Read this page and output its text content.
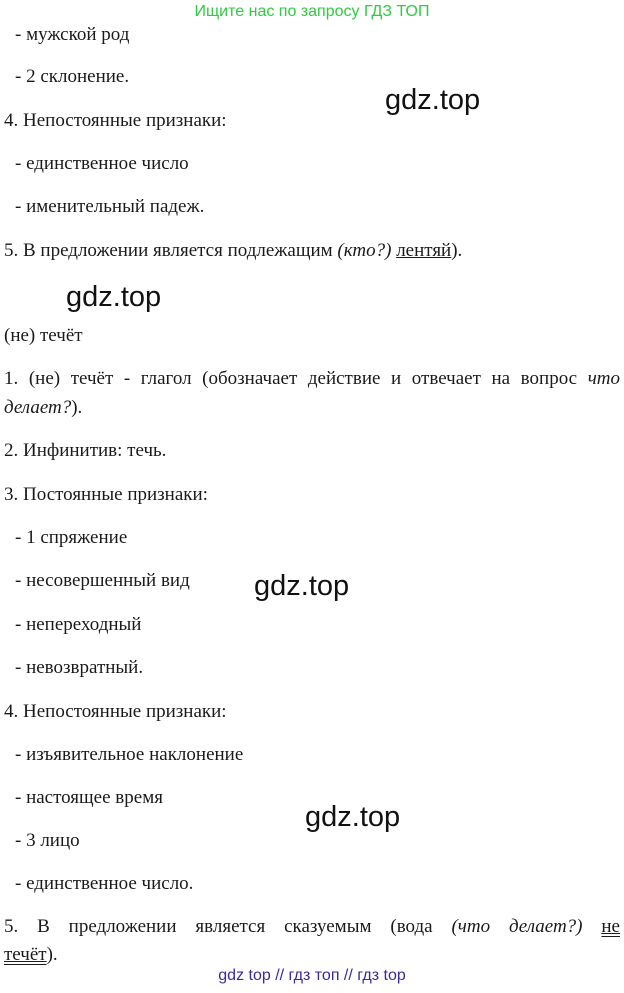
Ищите нас по запросу ГДЗ ТОП
- мужской род
- 2 склонение.
gdz.top
4. Непостоянные признаки:
- единственное число
- именительный падеж.
5. В предложении является подлежащим (кто?) лентяй).
gdz.top
(не) течёт
1. (не) течёт - глагол (обозначает действие и отвечает на вопрос что
делает?).
2. Инфинитив: течь.
3. Постоянные признаки:
- 1 спряжение
- несовершенный вид gdz.top
- непереходный
- невозвратный.
4. Непостоянные признаки:
- изъявительное наклонение
- настоящее время
gdz.top
- 3 лицо
- единственное число.
5. В предложении является сказуемым (вода (что делает?) не
течёт).
gdz top // гдз топ // гдз top
